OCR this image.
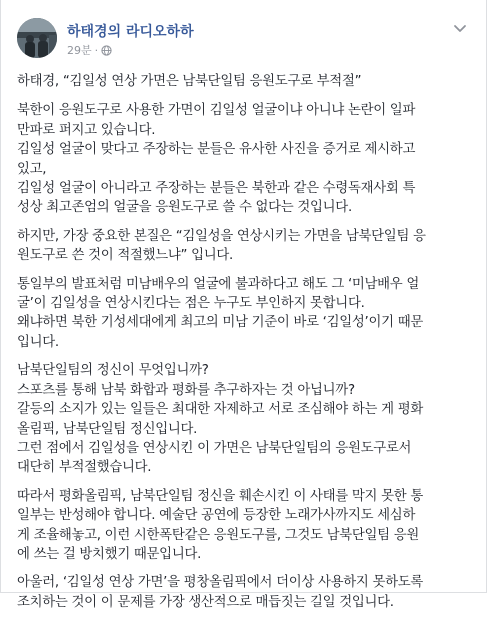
하태경의 라디오하하
29분 ·

하태경, “김일성 연상 가면은 남북단일팀 응원도구로 부적절”

북한이 응원도구로 사용한 가면이 김일성 얼굴이냐 아니냐 논란이 일파
만파로 퍼지고 있습니다.
김일성 얼굴이 맞다고 주장하는 분들은 유사한 사진을 증거로 제시하고
있고,
김일성 얼굴이 아니라고 주장하는 분들은 북한과 같은 수령독재사회 특
성상 최고존엄의 얼굴을 응원도구로 쓸 수 없다는 것입니다.

하지만, 가장 중요한 본질은 “김일성을 연상시키는 가면을 남북단일팀 응
원도구로 쓴 것이 적절했느냐” 입니다.

통일부의 발표처럼 미남배우의 얼굴에 불과하다고 해도 그 ‘미남배우 얼
굴’이 김일성을 연상시킨다는 점은 누구도 부인하지 못합니다.
왜냐하면 북한 기성세대에게 최고의 미남 기준이 바로 ‘김일성’이기 때문
입니다.

남북단일팀의 정신이 무엇입니까?
스포츠를 통해 남북 화합과 평화를 추구하자는 것 아닙니까?
갈등의 소지가 있는 일들은 최대한 자제하고 서로 조심해야 하는 게 평화
올림픽, 남북단일팀 정신입니다.
그런 점에서 김일성을 연상시킨 이 가면은 남북단일팀의 응원도구로서
대단히 부적절했습니다.

따라서 평화올림픽, 남북단일팀 정신을 훼손시킨 이 사태를 막지 못한 통
일부는 반성해야 합니다. 예술단 공연에 등장한 노래가사까지도 세심하
게 조율해놓고, 이런 시한폭탄같은 응원도구를, 그것도 남북단일팀 응원
에 쓰는 걸 방치했기 때문입니다.

아울러, ‘김일성 연상 가면’을 평창올림픽에서 더이상 사용하지 못하도록
조치하는 것이 이 문제를 가장 생산적으로 매듭짓는 길일 것입니다.
